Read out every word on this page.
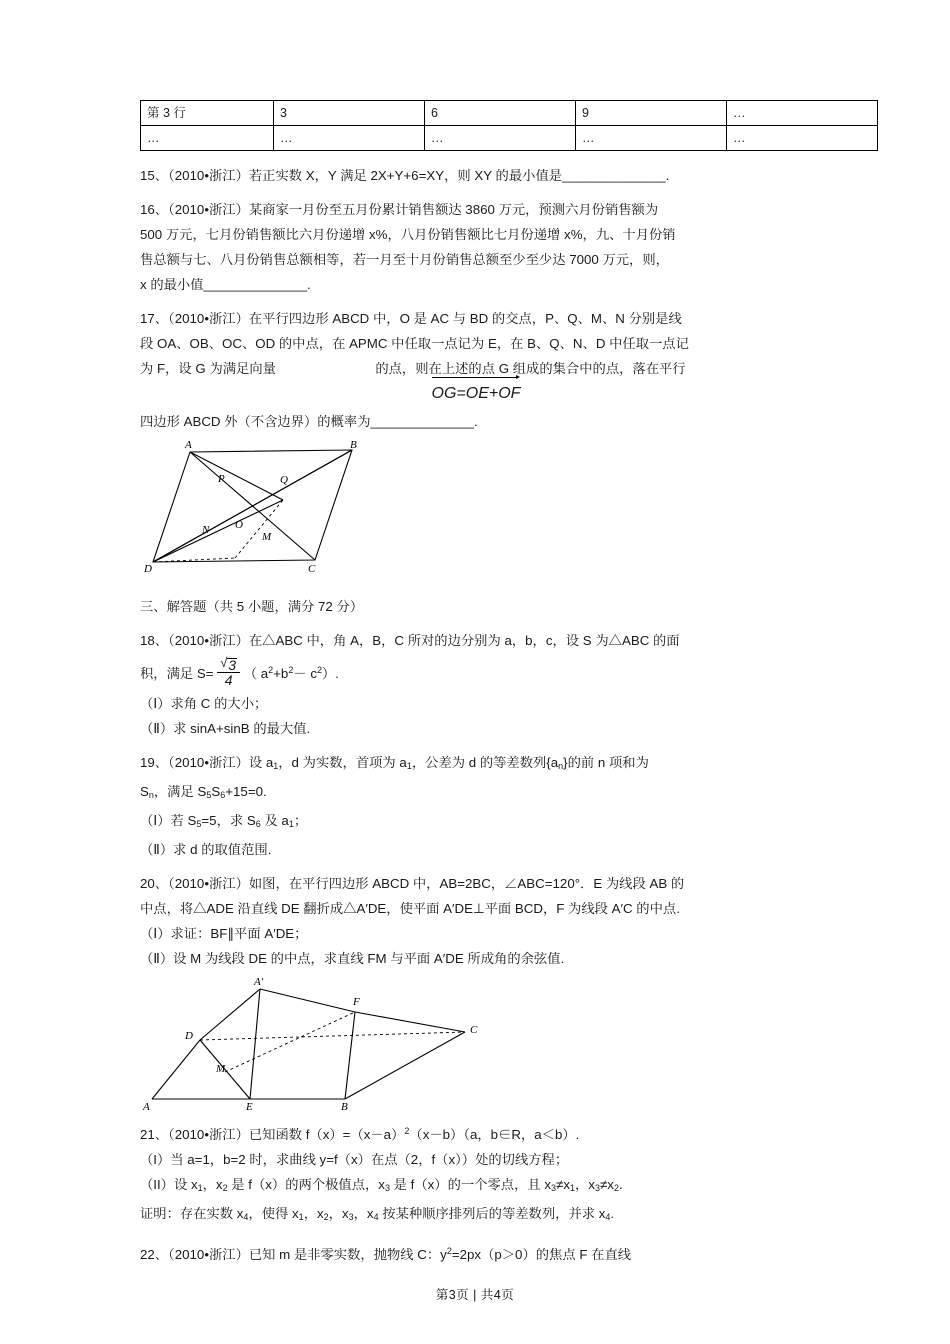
第 3 行	3	6	9	…
…	…	…	…	…

15、（2010•浙江）若正实数 X，Y 满足 2X+Y+6=XY，则 XY 的最小值是______________.

16、（2010•浙江）某商家一月份至五月份累计销售额达 3860 万元，预测六月份销售额为

500 万元，七月份销售额比六月份递增 x%，八月份销售额比七月份递增 x%，九、十月份销

售总额与七、八月份销售总额相等，若一月至十月份销售总额至少至少达 7000 万元，则，

x 的最小值______________.

17、（2010•浙江）在平行四边形 ABCD 中，O 是 AC 与 BD 的交点，P、Q、M、N 分别是线

段 OA、OB、OC、OD 的中点，在 APMC 中任取一点记为 E，在 B、Q、N、D 中任取一点记

为 F，设 G 为满足向量	的点，则在上述的点 G 组成的集合中的点，落在平行

OG=OE+OF

四边形 ABCD 外（不含边界）的概率为______________.

A	B
P	Q
N O
M
D	C

三、解答题（共 5 小题，满分 72 分）

18、（2010•浙江）在△ABC 中，角 A，B，C 所对的边分别为 a，b，c，设 S 为△ABC 的面

积，满足 S= √ $\frac{3}{4}$ （ $a^2+b^2- c^2$）.

（Ⅰ）求角 C 的大小；

（Ⅱ）求 sinA+sinB 的最大值.

19、（2010•浙江）设 $a_1$，d 为实数，首项为 $a_1$，公差为 d 的等差数列$\{a_n\}$的前 n 项和为

$S_n$，满足 $S_5S_6+15=0$.

（Ⅰ）若 $S_5=5$，求 $S_6$ 及 $a_1$；

（Ⅱ）求 d 的取值范围.

20、（2010•浙江）如图，在平行四边形 ABCD 中，AB=2BC，∠ABC=120°．E 为线段 AB 的

中点，将△ADE 沿直线 DE 翻折成△A′DE，使平面 A′DE⊥平面 BCD，F 为线段 A′C 的中点.

（Ⅰ）求证：BF∥平面 A′DE；

（Ⅱ）设 M 为线段 DE 的中点，求直线 FM 与平面 A′DE 所成角的余弦值.

A'
F
D	C
M
A	E	B

21、（2010•浙江）已知函数 $f(x)=(x-a)^2(x-b)(a$，b∈R，a＜b）.

（I）当 a=1，b=2 时，求曲线 y=f（x）在点（2，f（x））处的切线方程；

（II）设 $x_1$，$x_2$ 是 f（x）的两个极值点，$x_3$ 是 f（x）的一个零点，且 $x_3\ne x_1$，$x_3\ne x_2$.

证明：存在实数 $x_4$，使得 $x_1$，$x_2$，$x_3$，$x_4$ 按某种顺序排列后的等差数列，并求 $x_4$.

22、（2010•浙江）已知 m 是非零实数，抛物线 C：$y^2=2px(p>0)$的焦点 F 在直线

第3页 | 共4页
